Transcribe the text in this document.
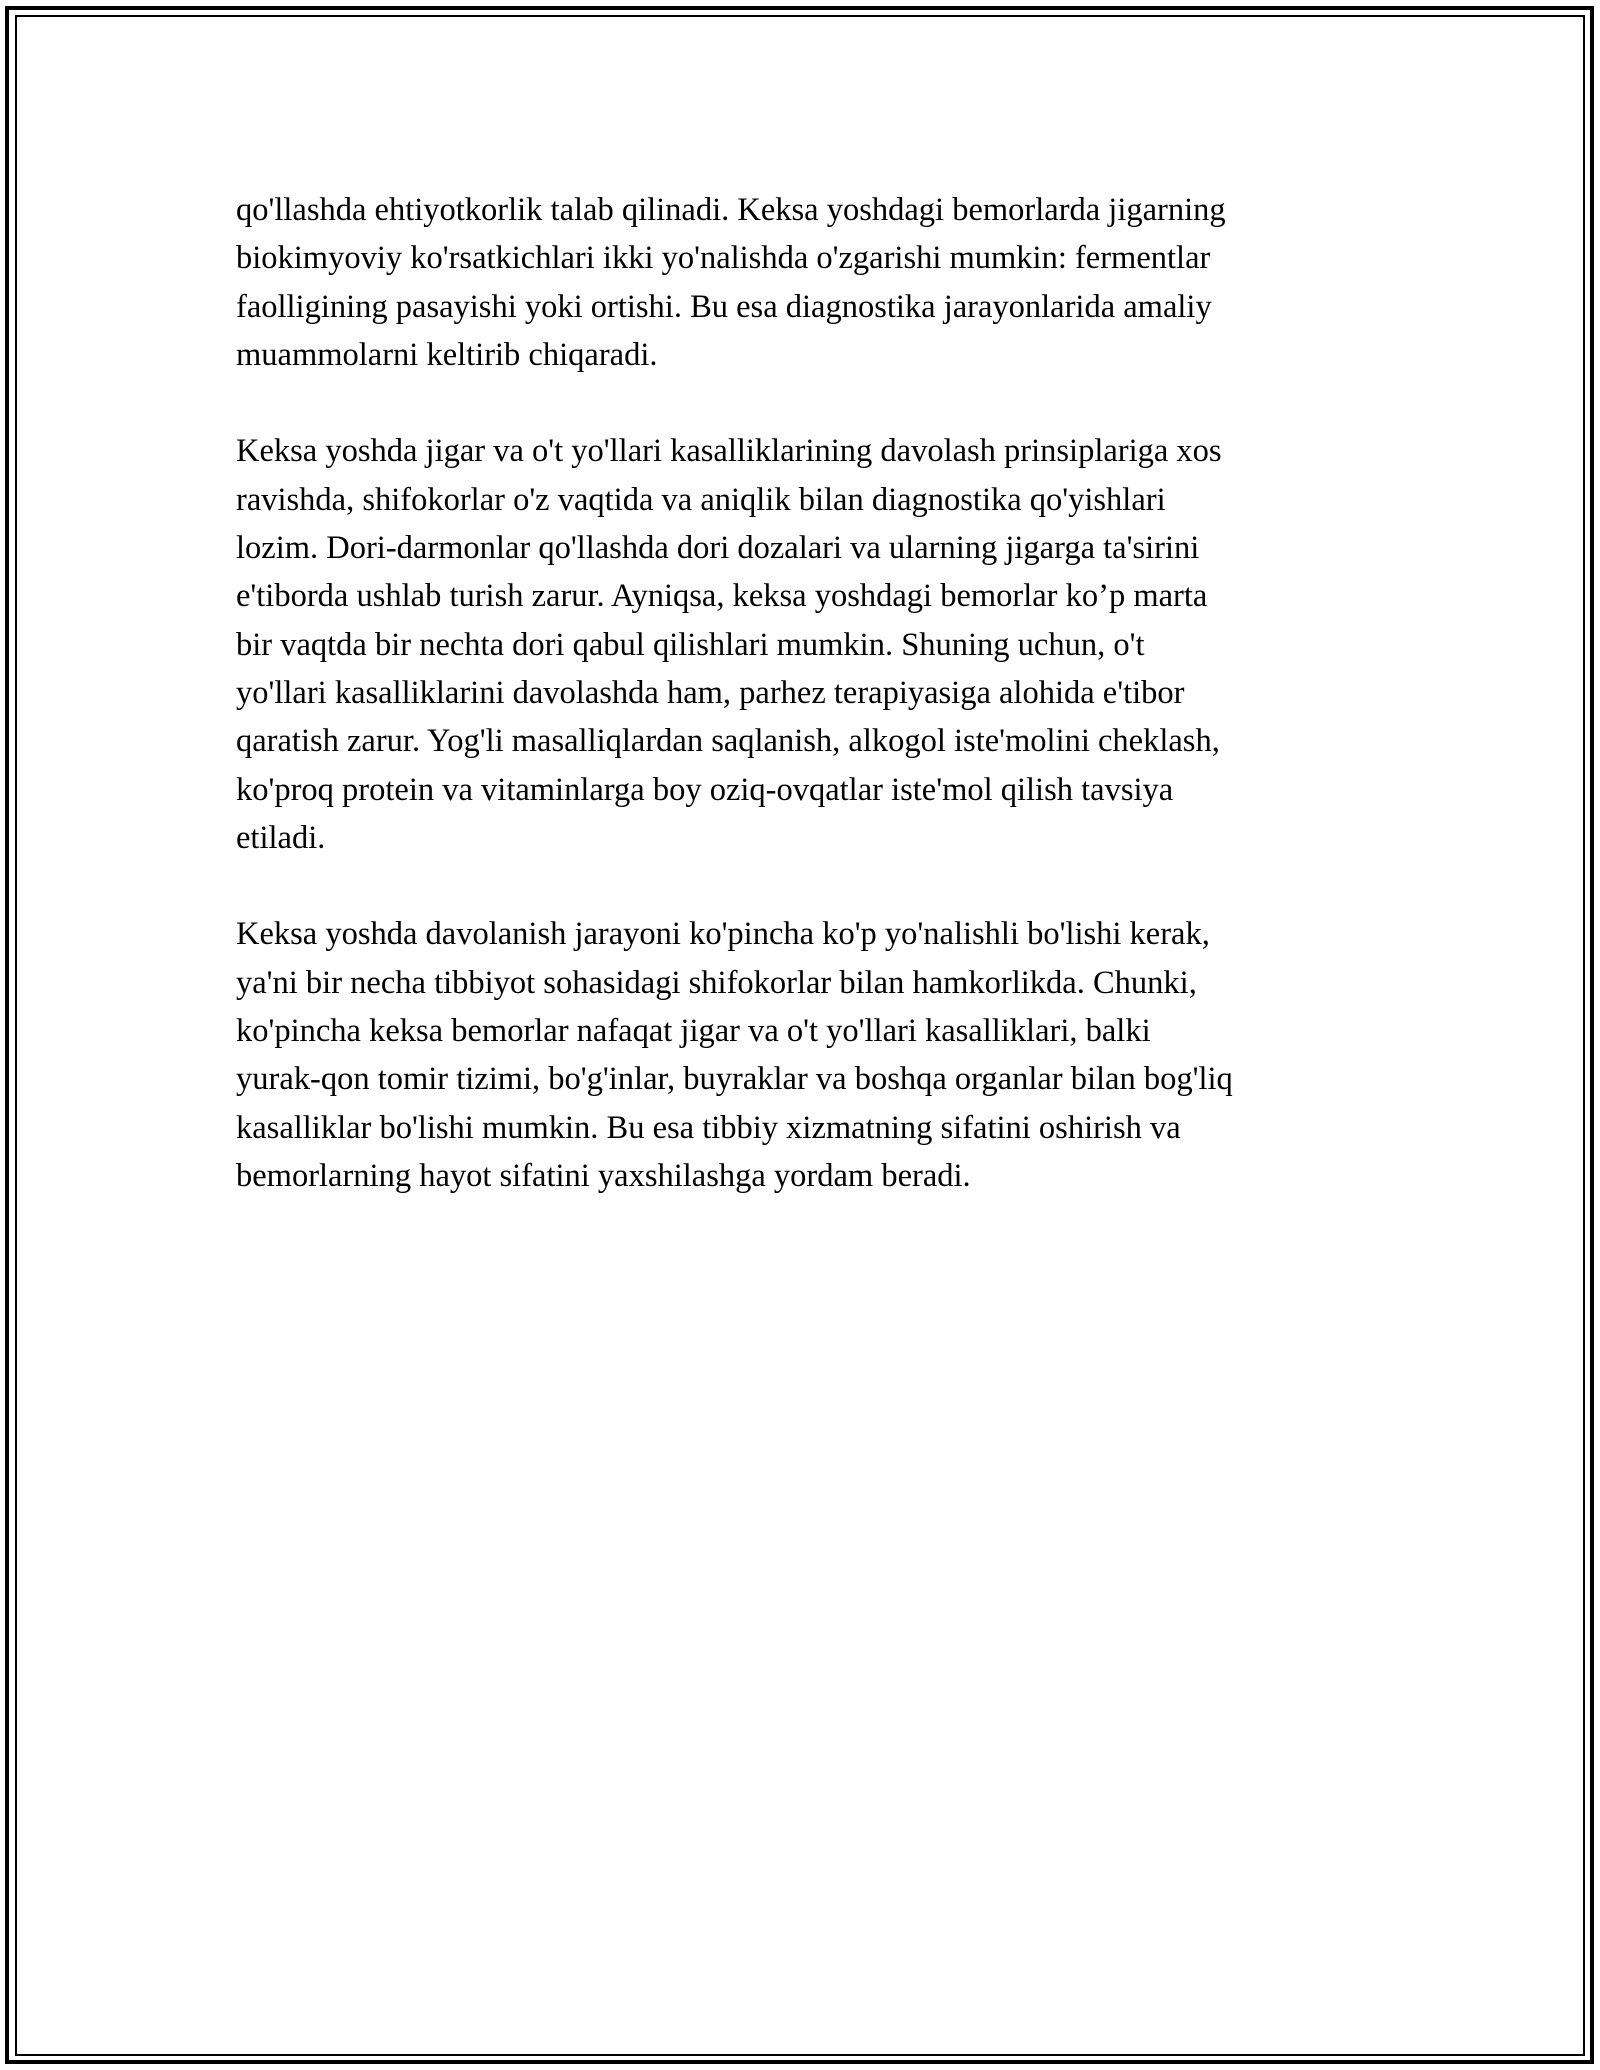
qo'llashda ehtiyotkorlik talab qilinadi. Keksa yoshdagi bemorlarda jigarning
biokimyoviy ko'rsatkichlari ikki yo'nalishda o'zgarishi mumkin: fermentlar
faolligining pasayishi yoki ortishi. Bu esa diagnostika jarayonlarida amaliy
muammolarni keltirib chiqaradi.

Keksa yoshda jigar va o't yo'llari kasalliklarining davolash prinsiplariga xos
ravishda, shifokorlar o'z vaqtida va aniqlik bilan diagnostika qo'yishlari
lozim. Dori-darmonlar qo'llashda dori dozalari va ularning jigarga ta'sirini
e'tiborda ushlab turish zarur. Ayniqsa, keksa yoshdagi bemorlar ko’p marta
bir vaqtda bir nechta dori qabul qilishlari mumkin. Shuning uchun, o't
yo'llari kasalliklarini davolashda ham, parhez terapiyasiga alohida e'tibor
qaratish zarur. Yog'li masalliqlardan saqlanish, alkogol iste'molini cheklash,
ko'proq protein va vitaminlarga boy oziq-ovqatlar iste'mol qilish tavsiya
etiladi.

Keksa yoshda davolanish jarayoni ko'pincha ko'p yo'nalishli bo'lishi kerak,
ya'ni bir necha tibbiyot sohasidagi shifokorlar bilan hamkorlikda. Chunki,
ko'pincha keksa bemorlar nafaqat jigar va o't yo'llari kasalliklari, balki
yurak-qon tomir tizimi, bo'g'inlar, buyraklar va boshqa organlar bilan bog'liq
kasalliklar bo'lishi mumkin. Bu esa tibbiy xizmatning sifatini oshirish va
bemorlarning hayot sifatini yaxshilashga yordam beradi.
